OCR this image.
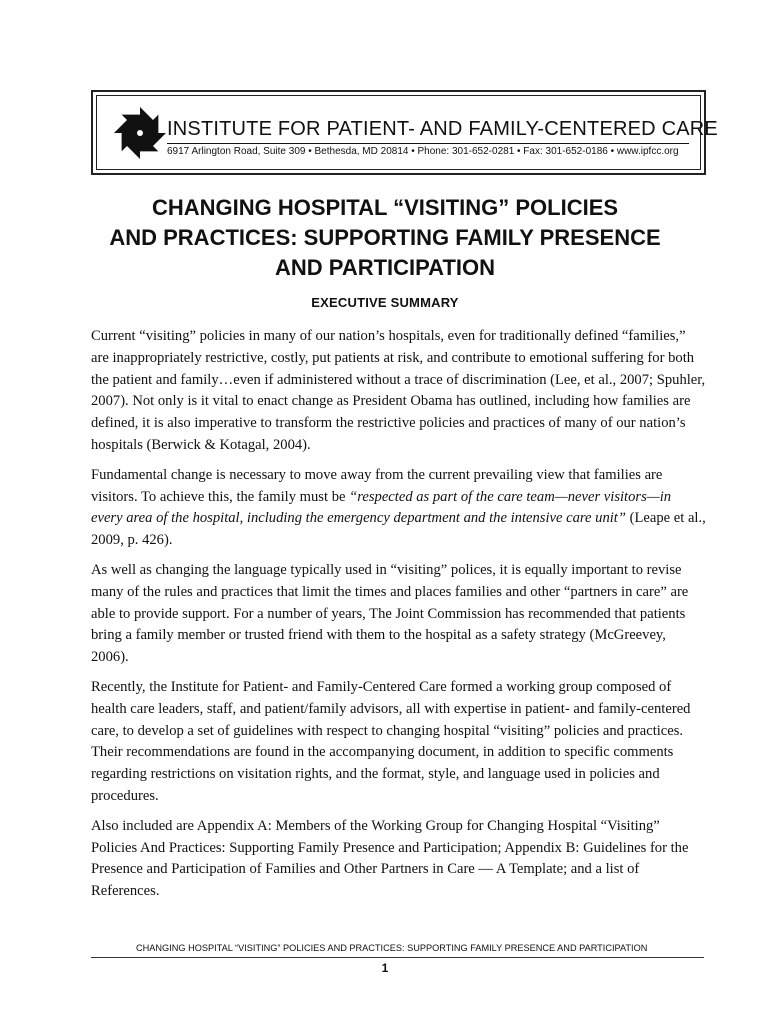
INSTITUTE FOR PATIENT- AND FAMILY-CENTERED CARE
6917 Arlington Road, Suite 309 • Bethesda, MD 20814 • Phone: 301-652-0281 • Fax: 301-652-0186 • www.ipfcc.org
CHANGING HOSPITAL “VISITING” POLICIES
AND PRACTICES: SUPPORTING FAMILY PRESENCE
AND PARTICIPATION
EXECUTIVE SUMMARY

Current “visiting” policies in many of our nation’s hospitals, even for traditionally defined “families,” are inappropriately restrictive, costly, put patients at risk, and contribute to emotional suffering for both the patient and family…even if administered without a trace of discrimination (Lee, et al., 2007; Spuhler, 2007). Not only is it vital to enact change as President Obama has outlined, including how families are defined, it is also imperative to transform the restrictive policies and practices of many of our nation’s hospitals (Berwick & Kotagal, 2004).

Fundamental change is necessary to move away from the current prevailing view that families are visitors. To achieve this, the family must be “respected as part of the care team—never visitors—in every area of the hospital, including the emergency department and the intensive care unit” (Leape et al., 2009, p. 426).

As well as changing the language typically used in “visiting” polices, it is equally important to revise many of the rules and practices that limit the times and places families and other “partners in care” are able to provide support. For a number of years, The Joint Commission has recommended that patients bring a family member or trusted friend with them to the hospital as a safety strategy (McGreevey, 2006).

Recently, the Institute for Patient- and Family-Centered Care formed a working group composed of health care leaders, staff, and patient/family advisors, all with expertise in patient- and family-centered care, to develop a set of guidelines with respect to changing hospital “visiting” policies and practices. Their recommendations are found in the accompanying document, in addition to specific comments regarding restrictions on visitation rights, and the format, style, and language used in policies and procedures.

Also included are Appendix A: Members of the Working Group for Changing Hospital “Visiting” Policies And Practices: Supporting Family Presence and Participation; Appendix B: Guidelines for the Presence and Participation of Families and Other Partners in Care — A Template; and a list of References.

CHANGING HOSPITAL “VISITING” POLICIES AND PRACTICES: SUPPORTING FAMILY PRESENCE AND PARTICIPATION
1
